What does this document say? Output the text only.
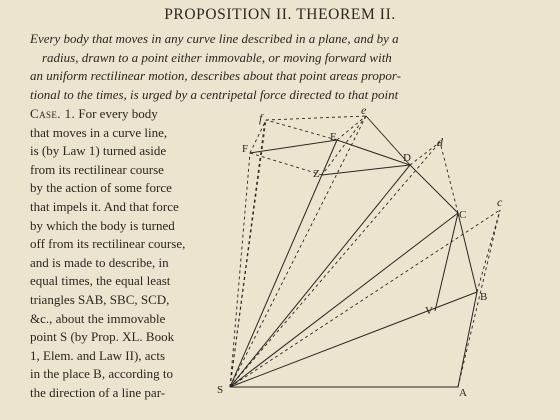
PROPOSITION II. THEOREM II.
Every body that moves in any curve line described in a plane, and by a
radius, drawn to a point either immovable, or moving forward with
an uniform rectilinear motion, describes about that point areas propor-
tional to the times, is urged by a centripetal force directed to that point
Case. 1. For every body
that moves in a curve line,
is (by Law 1) turned aside
from its rectilinear course
by the action of some force
that impels it. And that force
by which the body is turned
off from its rectilinear course,
and is made to describe, in
equal times, the equal least
triangles SAB, SBC, SCD,
&c., about the immovable
point S (by Prop. XL. Book
1, Elem. and Law II), acts
in the place B, according to
the direction of a line par-	S	A
B
V
C
c
D
d
E
e
F
f
Z
